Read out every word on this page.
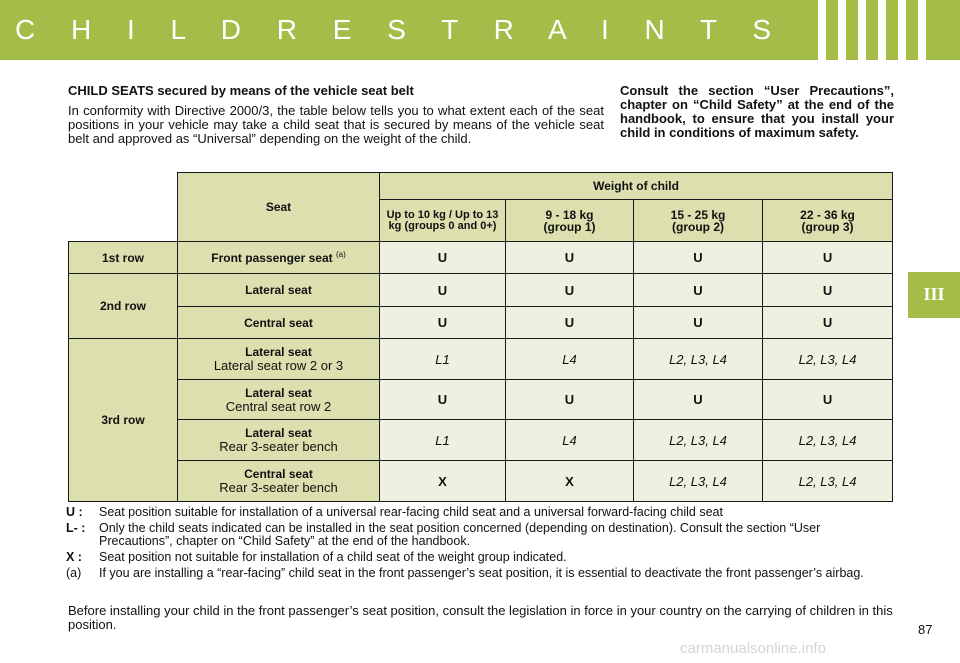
C H I L D R E S T R A I N T S
III
CHILD SEATS secured by means of the vehicle seat belt

In conformity with Directive 2000/3, the table below tells you to what extent each of the seat positions in your vehicle may take a child seat that is secured by means of the vehicle seat belt and approved as “Universal” depending on the weight of the child.

Consult the section “User Precautions”, chapter on “Child Safety” at the end of the handbook, to ensure that you install your child in conditions of maximum safety.
	Seat	Weight of child			
		Up to 10 kg / Up to 13 kg (groups 0 and 0+)	9 - 18 kg (group 1)	15 - 25 kg (group 2)	22 - 36 kg (group 3)
1st row	Front passenger seat $^{(a)}$	U	U	U	U
2nd row	Lateral seat	U	U	U	U
	Central seat	U	U	U	U
3rd row	Lateral seat
Lateral seat row 2 or 3	L1	L4	L2, L3, L4	L2, L3, L4

	Lateral seat
Central seat row 2	U	U	U	U

	Lateral seat
Rear 3-seater bench	L1	L4	L2, L3, L4	L2, L3, L4

	Central seat
Rear 3-seater bench	X	X	L2, L3, L4	L2, L3, L4
U : Seat position suitable for installation of a universal rear-facing child seat and a universal forward-facing child seat
L- : Only the child seats indicated can be installed in the seat position concerned (depending on destination). Consult the section “User Precautions”, chapter on “Child Safety” at the end of the handbook.
X : Seat position not suitable for installation of a child seat of the weight group indicated.
(a) If you are installing a “rear-facing” child seat in the front passenger’s seat position, it is essential to deactivate the front passenger’s airbag.
Before installing your child in the front passenger’s seat position, consult the legislation in force in your country on the carrying of children in this position.	87
carmanualsonline.info
